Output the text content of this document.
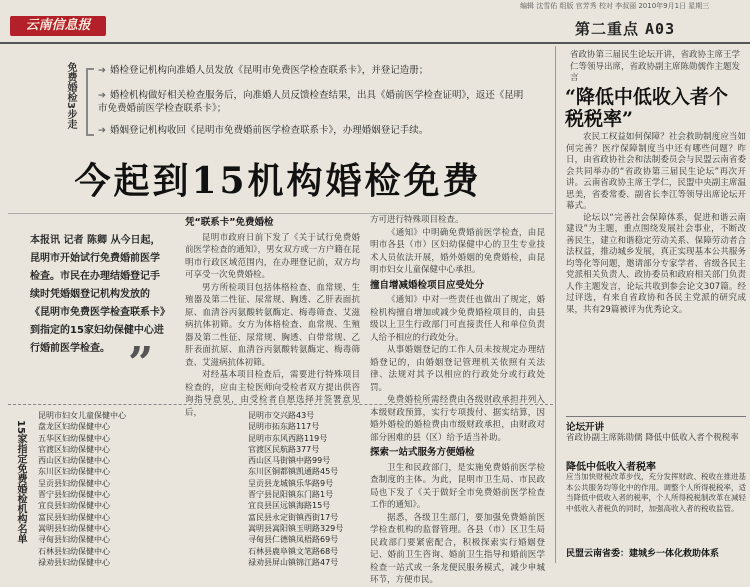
编辑 沈雪佑 组版 官芳秀 校对 李叔丽 2010年9月1日 星期三
云南信息报	第二重点 A03
免费婚检3步走 ➔ 婚检登记机构向准婚人员发放《昆明市免费医学检查联系卡》，并登记造册；
➔ 婚检机构做好相关检查服务后，向准婚人员反馈检查结果，出具《婚前医学检查证明》，返还《昆明市免费婚前医学检查联系卡》；
➔ 婚姻登记机构收回《昆明市免费婚前医学检查联系卡》，办理婚姻登记手续。
今起到15机构婚检免费
本报讯 记者 陈卿 从今日起，昆明市开始试行免费婚前医学检查。市民在办理结婚登记手续时凭婚姻登记机构发放的《昆明市免费医学检查联系卡》到指定的15家妇幼保健中心进行婚前医学检查。 ”
凭“联系卡”免费婚检
昆明市政府日前下发了《关于试行免费婚前医学检查的通知》，男女双方或一方户籍在昆明市行政区域范围内，在办理登记前，双方均可享受一次免费婚检。
男方所检项目包括体格检查、血常规、生殖器及第二性征、尿常规、胸透、乙肝表面抗原、血清谷丙氨酸转氨酶定、梅毒筛查、艾滋病抗体初筛。女方为体格检查、血常规、生殖器及第二性征、尿常规、胸透、白带常规、乙肝表面抗原、血清谷丙氨酸转氨酶定、梅毒筛查、艾滋病抗体初筛。
对经基本项目检查后，需要进行特殊项目检查的，应由主检医师向受检者双方提出供咨询指导意见，由受检者自愿选择并签署意见后，
方可进行特殊项目检查。
《通知》中明确免费婚前医学检查，由昆明市各县（市）区妇幼保健中心的卫生专业技术人员依法开展，婚外婚姻的免费婚检，由昆明市妇女儿童保健中心承担。
撞自增减婚检项目应受处分
《通知》中对一些责任也做出了规定，婚检机构擅自增加或减少免费婚检项目的，由县级以上卫生行政部门可直接责任人和单位负责人给予相应的行政处分。
从事婚姻登记的工作人员未按规定办理结婚登记的，由婚姻登记管理机关依照有关法律、法规对其予以相应的行政处分或行政处罚。
免费婚检所需经费由各级财政承担并列入本级财政预算，实行专项拨付、据实结算，因婚外婚检的婚检费由市级财政承担，由财政对部分困难的县（区）给予适当补助。
探索一站式服务方便婚检
卫生和民政部门，是实施免费婚前医学检查制度的主体。为此，昆明市卫生局、市民政局也下发了《关于做好全市免费婚前医学检查工作的通知》。
据悉，各级卫生部门，要加强免费婚前医学检查机构的监督管理。各县（市）区卫生局民政部门要紧密配合，积极探索实行婚姻登记、婚前卫生咨询、婚前卫生指导和婚前医学检查一站式或一条龙便民服务模式，减少申城环节，方便市民。
15家指定免费婚检机构名单
昆明市妇女儿童保健中心
盘龙区妇幼保健中心
五华区妇幼保健中心
官渡区妇幼保健中心
西山区妇幼保健中心
东川区妇幼保健中心
呈贡县妇幼保健中心
晋宁县妇幼保健中心
宜良县妇幼保健中心
富民县妇幼保健中心
嵩明县妇幼保健中心
寻甸县妇幼保健中心
石林县妇幼保健中心
禄劝县妇幼保健中心
昆明市交兴路43号
昆明市拓东路117号
昆明市东风西路119号
官渡区民航路377号
西山区马街镇中路99号
东川区铜都镇凯通路45号
呈贡县龙城镇乐华路9号
晋宁县昆阳镇东门路1号
宜良县匡远镇海路15号
富民县永定街镇西街17号
嵩明县嵩阳镇玉明路329号
寻甸县仁德镇凤梧路69号
石林县鹿阜镇文笔路68号
禄劝县屏山镇锦江路47号
省政协第三届民生论坛开讲，省政协主席王学仁等领导出席，省政协副主席陈勋儒作主题发言
“降低中低收入者个税税率”
农民工权益如何保障？社会救助制度应当如何完善？医疗保障制度当中还有哪些问题？昨日，由省政协社会和法制委员会与民盟云南省委会共同举办的“省政协第三届民生论坛”再次开讲。云南省政协主席王学仁，民盟中央副主席温思美，省委常委、副省长李江等领导出席论坛开幕式。
论坛以“完善社会保障体系，促进和谐云南建设”为主题，重点围绕发展社会事业，不断改善民生，建立和谐稳定劳动关系、保障劳动者合法权益，推动城乡发展，真正实现基本公共服务均等化等问题，邀请部分专家学者、省级各民主党派相关负责人、政协委员和政府相关部门负责人作主题发言，论坛共收到参会论文307篇。经过评选，有来自省政协和各民主党派的研究成果，共有29篇被评为优秀论文。
论坛开讲
省政协副主席陈勋儒 降低中低收入者个税税率
降低中低收入者税率
应当加快财税改革步伐，充分发挥财政、税收在推进基本公共服务均等化中的作用。调整个人所得税税率，适当降低中低收入者的税率，个人所得税税制改革在减轻中低收入者税负的同时，加强高收入者的税收监管。
民盟云南省委：建城乡一体化救助体系
